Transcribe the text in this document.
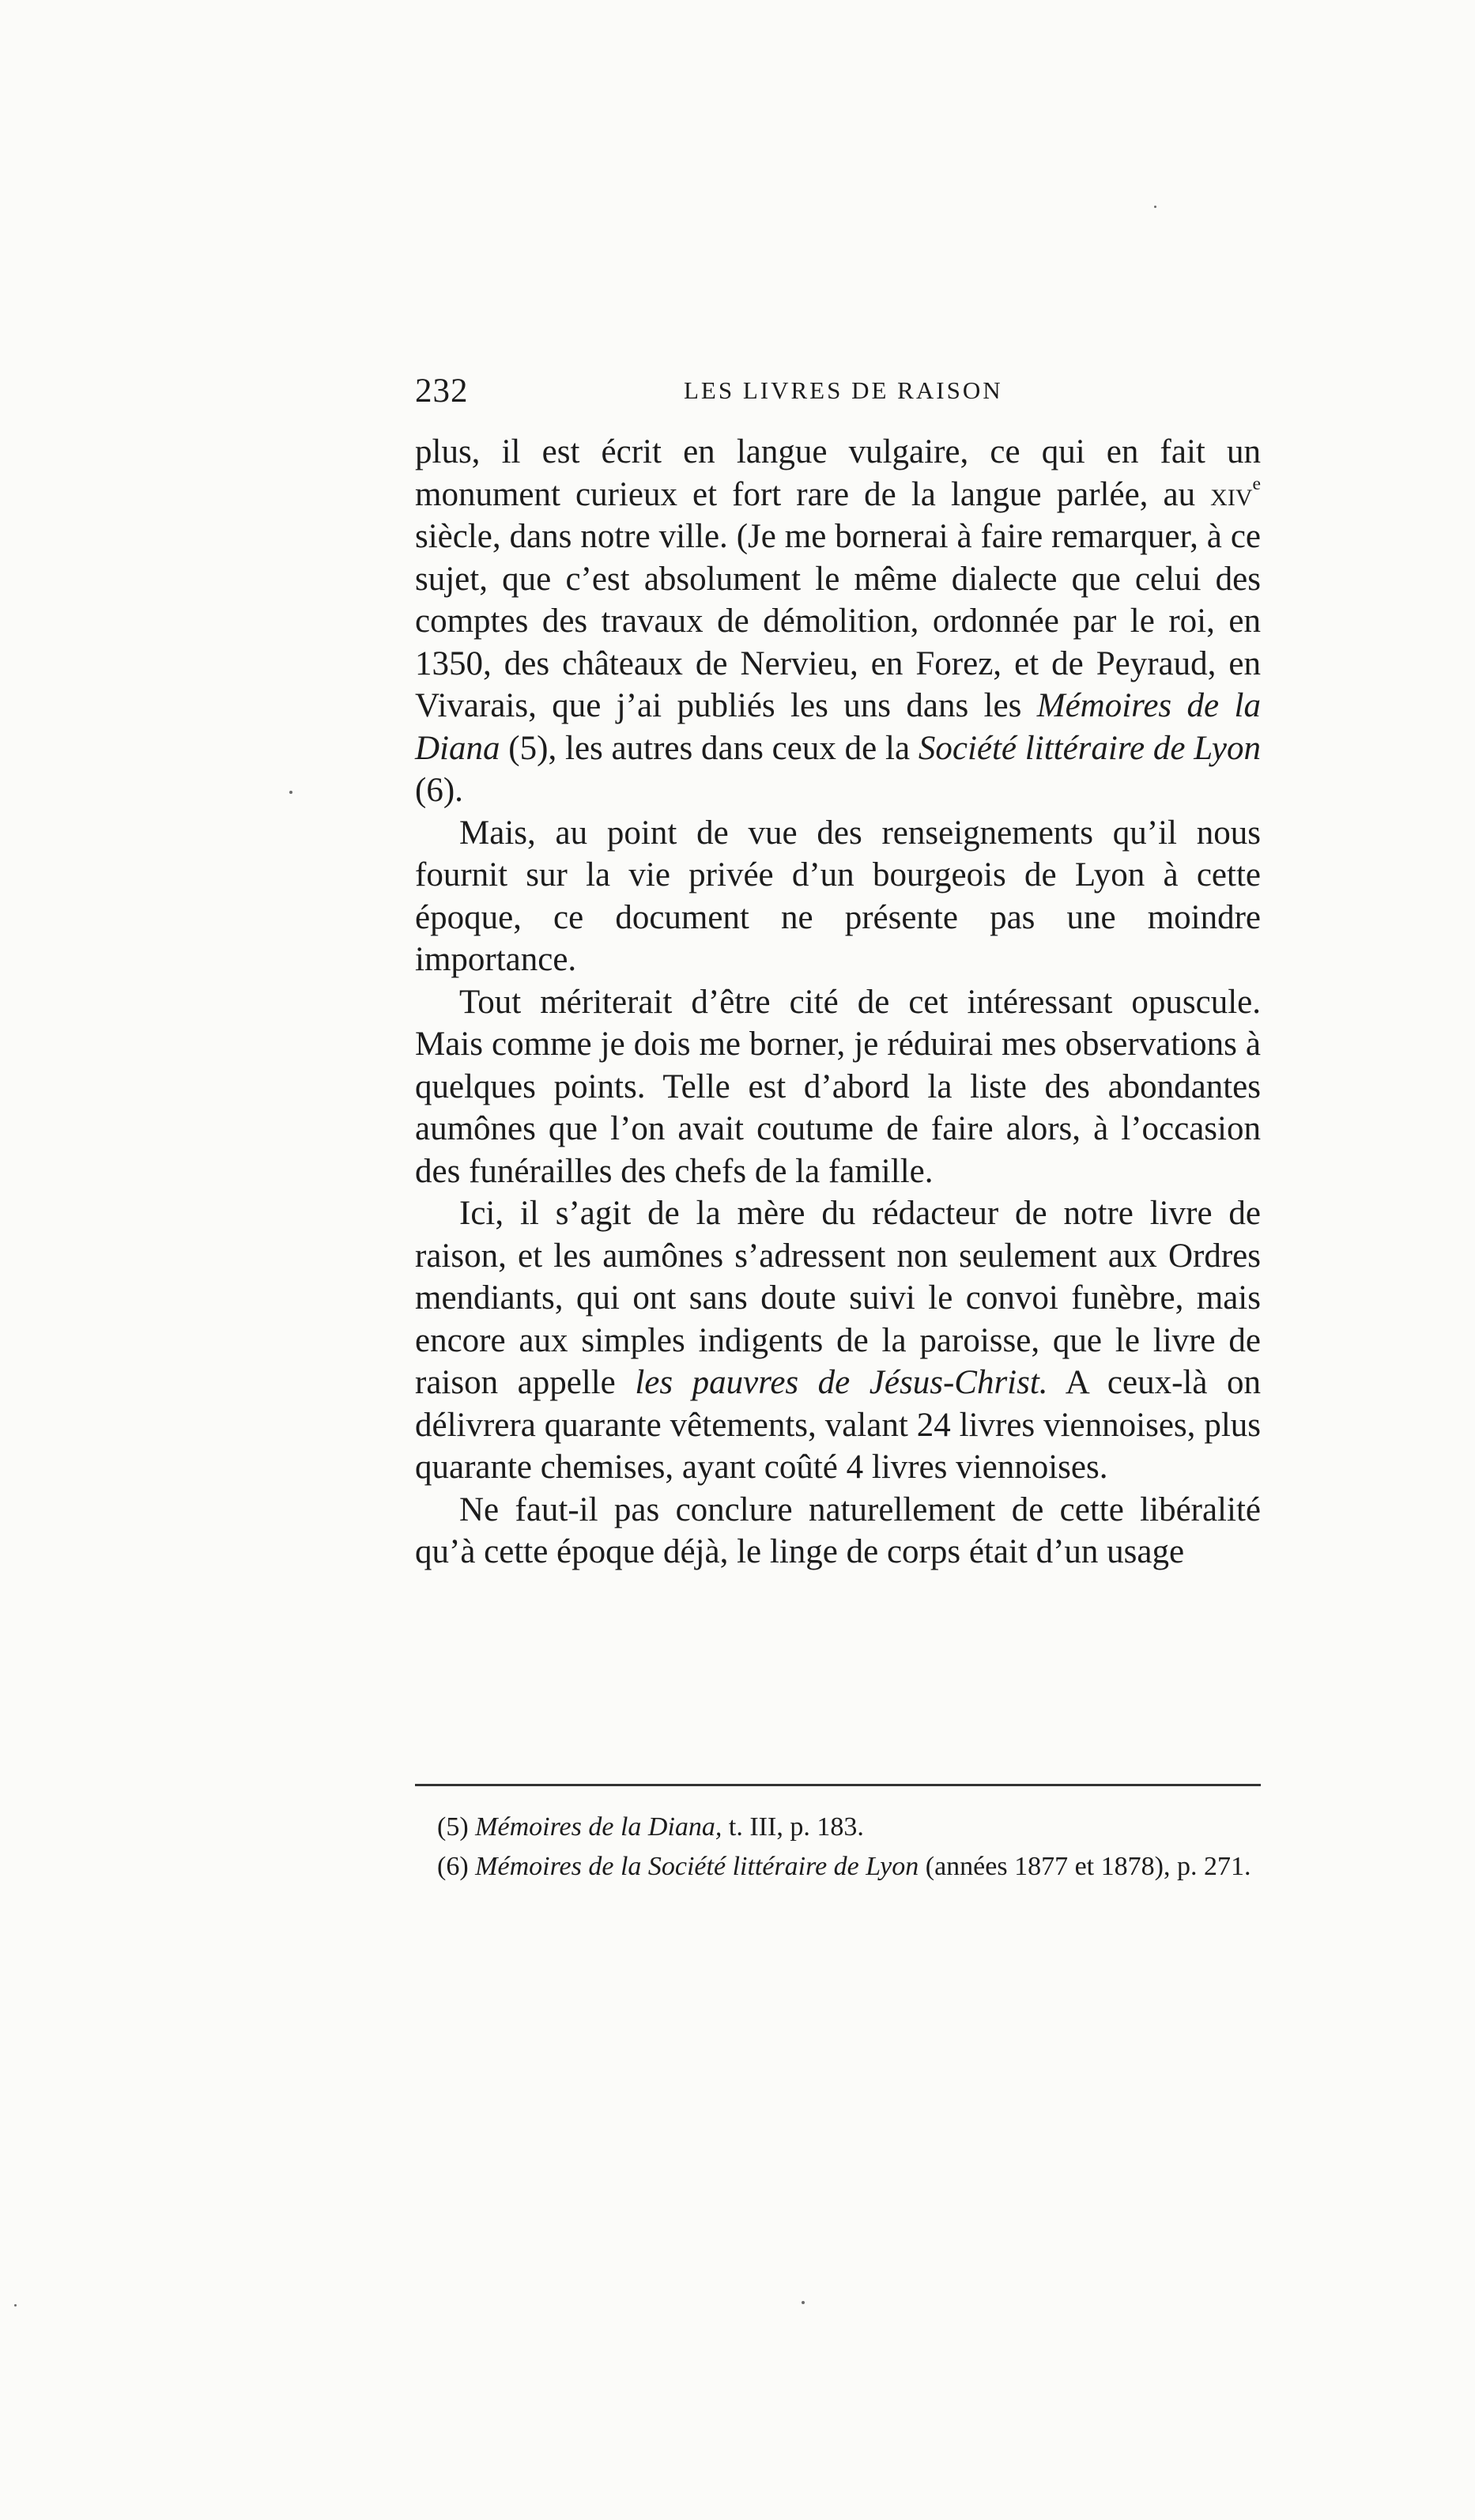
232	LES LIVRES DE RAISON

plus, il est écrit en langue vulgaire, ce qui en fait un monument curieux et fort rare de la langue parlée, au xiv$^e$ siècle, dans notre ville. (Je me bornerai à faire remarquer, à ce sujet, que c’est absolument le même dialecte que celui des comptes des travaux de démolition, ordonnée par le roi, en 1350, des châteaux de Nervieu, en Forez, et de Peyraud, en Vivarais, que j’ai publiés les uns dans les Mémoires de la Diana (5), les autres dans ceux de la Société littéraire de Lyon (6).

Mais, au point de vue des renseignements qu’il nous fournit sur la vie privée d’un bourgeois de Lyon à cette époque, ce document ne présente pas une moindre importance.

Tout mériterait d’être cité de cet intéressant opuscule. Mais comme je dois me borner, je réduirai mes observations à quelques points. Telle est d’abord la liste des abondantes aumônes que l’on avait coutume de faire alors, à l’occasion des funérailles des chefs de la famille.

Ici, il s’agit de la mère du rédacteur de notre livre de raison, et les aumônes s’adressent non seulement aux Ordres mendiants, qui ont sans doute suivi le convoi funèbre, mais encore aux simples indigents de la paroisse, que le livre de raison appelle les pauvres de Jésus-Christ. A ceux-là on délivrera quarante vêtements, valant 24 livres viennoises, plus quarante chemises, ayant coûté 4 livres viennoises.

Ne faut-il pas conclure naturellement de cette libéralité qu’à cette époque déjà, le linge de corps était d’un usage

(5) Mémoires de la Diana, t. III, p. 183.

(6) Mémoires de la Société littéraire de Lyon (années 1877 et 1878), p. 271.
